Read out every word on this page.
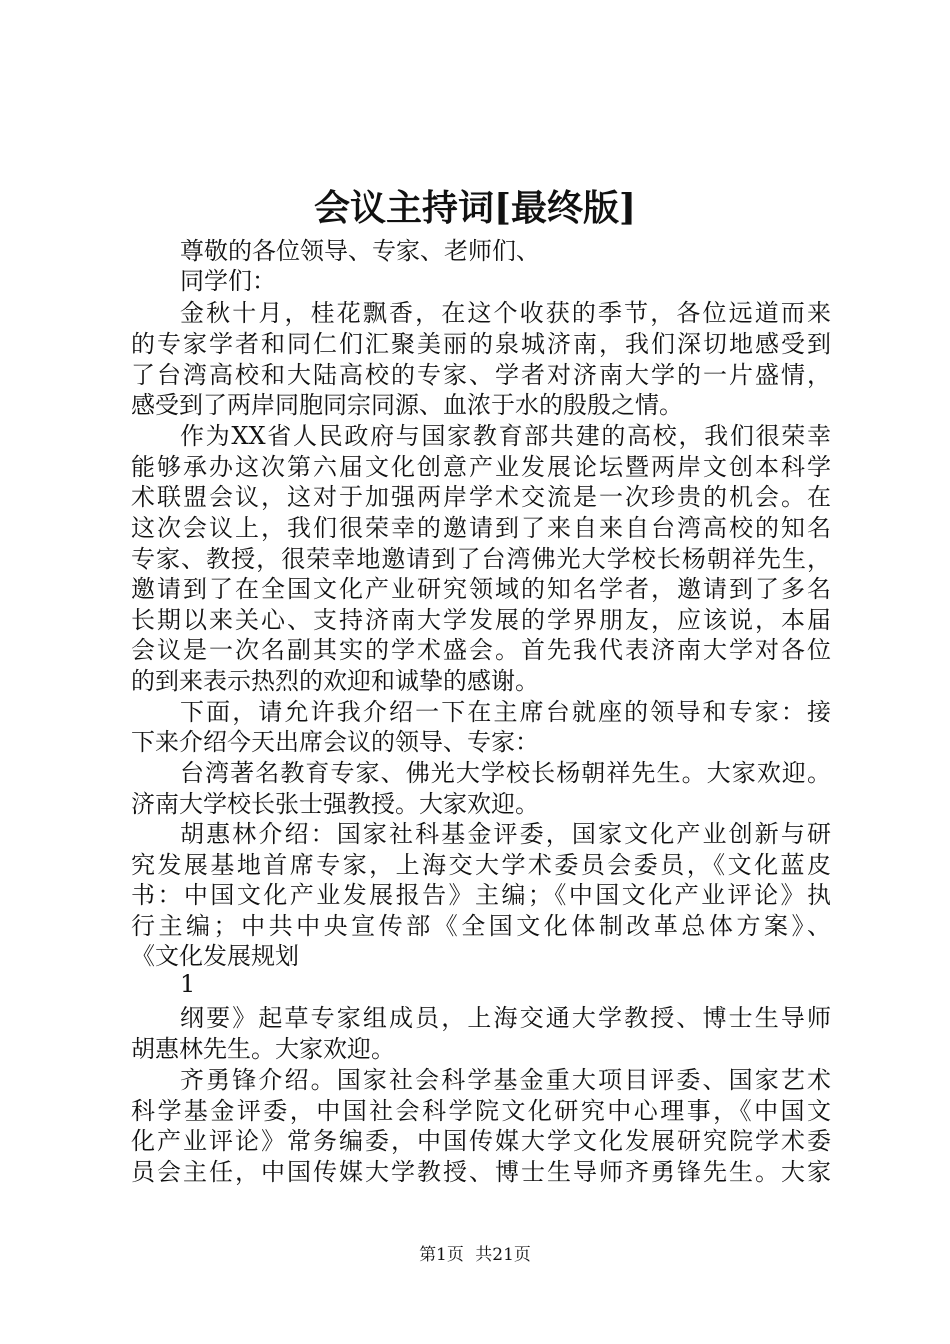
会议主持词[最终版]

尊敬的各位领导、专家、老师们、

同学们：

金秋十月，桂花飘香，在这个收获的季节，各位远道而来

的专家学者和同仁们汇聚美丽的泉城济南，我们深切地感受到

了台湾高校和大陆高校的专家、学者对济南大学的一片盛情，

感受到了两岸同胞同宗同源、血浓于水的殷殷之情。

作为XX省人民政府与国家教育部共建的高校，我们很荣幸

能够承办这次第六届文化创意产业发展论坛暨两岸文创本科学

术联盟会议，这对于加强两岸学术交流是一次珍贵的机会。在

这次会议上，我们很荣幸的邀请到了来自来自台湾高校的知名

专家、教授，很荣幸地邀请到了台湾佛光大学校长杨朝祥先生，

邀请到了在全国文化产业研究领域的知名学者，邀请到了多名

长期以来关心、支持济南大学发展的学界朋友，应该说，本届

会议是一次名副其实的学术盛会。首先我代表济南大学对各位

的到来表示热烈的欢迎和诚挚的感谢。

下面，请允许我介绍一下在主席台就座的领导和专家：接

下来介绍今天出席会议的领导、专家：

台湾著名教育专家、佛光大学校长杨朝祥先生。大家欢迎。

济南大学校长张士强教授。大家欢迎。

胡惠林介绍：国家社科基金评委，国家文化产业创新与研

究发展基地首席专家，上海交大学术委员会委员，《文化蓝皮

书：中国文化产业发展报告》主编；《中国文化产业评论》执

行主编；中共中央宣传部《全国文化体制改革总体方案》、

《文化发展规划

1

纲要》起草专家组成员，上海交通大学教授、博士生导师

胡惠林先生。大家欢迎。

齐勇锋介绍。国家社会科学基金重大项目评委、国家艺术

科学基金评委，中国社会科学院文化研究中心理事，《中国文

化产业评论》常务编委，中国传媒大学文化发展研究院学术委

员会主任，中国传媒大学教授、博士生导师齐勇锋先生。大家

第1页 共21页
